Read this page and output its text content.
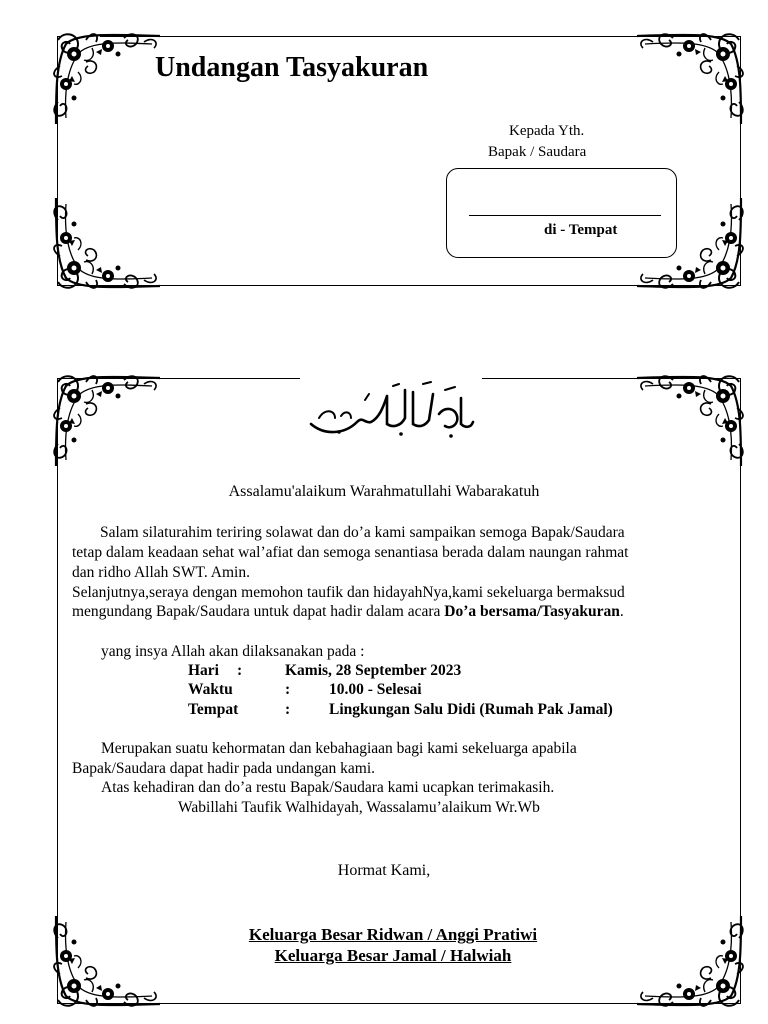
Undangan Tasyakuran
Kepada Yth.
Bapak / Saudara
di - Tempat
Assalamu'alaikum Warahmatullahi Wabarakatuh
Salam silaturahim teriring solawat dan do’a kami sampaikan semoga Bapak/Saudara
tetap dalam keadaan sehat wal’afiat dan semoga senantiasa berada dalam naungan rahmat
dan ridho Allah SWT. Amin.
Selanjutnya,seraya dengan memohon taufik dan hidayahNya,kami sekeluarga bermaksud
mengundang Bapak/Saudara untuk dapat hadir dalam acara Do’a bersama/Tasyakuran.
yang insya Allah akan dilaksanakan pada :
Hari :	Kamis, 28 September 2023
Waktu	:	10.00 - Selesai
Tempat	:	Lingkungan Salu Didi (Rumah Pak Jamal)
Merupakan suatu kehormatan dan kebahagiaan bagi kami sekeluarga apabila
Bapak/Saudara dapat hadir pada undangan kami.
Atas kehadiran dan do’a restu Bapak/Saudara kami ucapkan terimakasih.
Wabillahi Taufik Walhidayah, Wassalamu’alaikum Wr.Wb
Hormat Kami,
Keluarga Besar Ridwan / Anggi Pratiwi
Keluarga Besar Jamal / Halwiah
